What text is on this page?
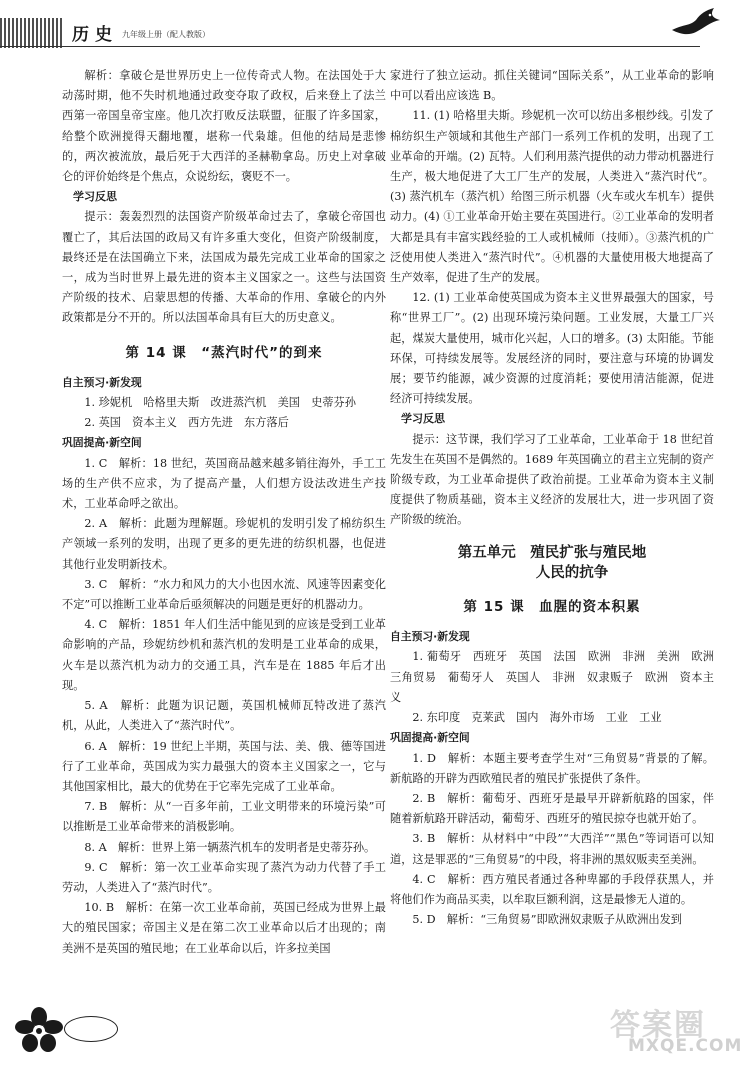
历史 九年级上册（配人教版）

解析：拿破仑是世界历史上一位传奇式人物。在法国处于大动荡时期，他不失时机地通过政变夺取了政权，后来登上了法兰西第一帝国皇帝宝座。他几次打败反法联盟，征服了许多国家，给整个欧洲搅得天翻地覆，堪称一代枭雄。但他的结局是悲惨的，两次被流放，最后死于大西洋的圣赫勒拿岛。历史上对拿破仑的评价始终是个焦点，众说纷纭，褒贬不一。

学习反思

提示：轰轰烈烈的法国资产阶级革命过去了，拿破仑帝国也覆亡了，其后法国的政局又有许多重大变化，但资产阶级制度，最终还是在法国确立下来，法国成为最先完成工业革命的国家之一，成为当时世界上最先进的资本主义国家之一。这些与法国资产阶级的技术、启蒙思想的传播、大革命的作用、拿破仑的内外政策都是分不开的。所以法国革命具有巨大的历史意义。

第 14 课　“蒸汽时代”的到来

自主预习·新发现

1. 珍妮机　哈格里夫斯　改进蒸汽机　美国　史蒂芬孙

2. 英国　资本主义　西方先进　东方落后

巩固提高·新空间

1. C　解析：18 世纪，英国商品越来越多销往海外，手工工场的生产供不应求，为了提高产量，人们想方设法改进生产技术，工业革命呼之欲出。

2. A　解析：此题为理解题。珍妮机的发明引发了棉纺织生产领域一系列的发明，出现了更多的更先进的纺织机器，也促进其他行业发明新技术。

3. C　解析：“水力和风力的大小也因水流、风速等因素变化不定”可以推断工业革命后亟须解决的问题是更好的机器动力。

4. C　解析：1851 年人们生活中能见到的应该是受到工业革命影响的产品，珍妮纺纱机和蒸汽机的发明是工业革命的成果，火车是以蒸汽机为动力的交通工具，汽车是在 1885 年后才出现。

5. A　解析：此题为识记题，英国机械师瓦特改进了蒸汽机，从此，人类进入了“蒸汽时代”。

6. A　解析：19 世纪上半期，英国与法、美、俄、德等国进行了工业革命，英国成为实力最强大的资本主义国家之一，它与其他国家相比，最大的优势在于它率先完成了工业革命。

7. B　解析：从“一百多年前，工业文明带来的环境污染”可以推断是工业革命带来的消极影响。

8. A　解析：世界上第一辆蒸汽机车的发明者是史蒂芬孙。

9. C　解析：第一次工业革命实现了蒸汽为动力代替了手工劳动，人类进入了“蒸汽时代”。

10. B　解析：在第一次工业革命前，英国已经成为世界上最大的殖民国家；帝国主义是在第二次工业革命以后才出现的；南美洲不是英国的殖民地；在工业革命以后，许多拉美国

家进行了独立运动。抓住关键词“国际关系”，从工业革命的影响中可以看出应该选 B。

11. (1) 哈格里夫斯。珍妮机一次可以纺出多根纱线。引发了棉纺织生产领域和其他生产部门一系列工作机的发明，出现了工业革命的开端。(2) 瓦特。人们利用蒸汽提供的动力带动机器进行生产，极大地促进了大工厂生产的发展，人类进入“蒸汽时代”。(3) 蒸汽机车（蒸汽机）给图三所示机器（火车或火车机车）提供动力。(4) ①工业革命开始主要在英国进行。②工业革命的发明者大都是具有丰富实践经验的工人或机械师（技师）。③蒸汽机的广泛使用使人类进入“蒸汽时代”。④机器的大量使用极大地提高了生产效率，促进了生产的发展。

12. (1) 工业革命使英国成为资本主义世界最强大的国家，号称“世界工厂”。(2) 出现环境污染问题。工业发展，大量工厂兴起，煤炭大量使用，城市化兴起，人口的增多。(3) 太阳能。节能环保，可持续发展等。发展经济的同时，要注意与环境的协调发展；要节约能源，减少资源的过度消耗；要使用清洁能源，促进经济可持续发展。

学习反思

提示：这节课，我们学习了工业革命，工业革命于 18 世纪首先发生在英国不是偶然的。1689 年英国确立的君主立宪制的资产阶级专政，为工业革命提供了政治前提。工业革命为资本主义制度提供了物质基础，资本主义经济的发展壮大，进一步巩固了资产阶级的统治。

第五单元　殖民扩张与殖民地
人民的抗争
第 15 课　血腥的资本积累

自主预习·新发现

1. 葡萄牙　西班牙　英国　法国　欧洲　非洲　美洲　欧洲　三角贸易　葡萄牙人　英国人　非洲　奴隶贩子　欧洲　资本主义

2. 东印度　克莱武　国内　海外市场　工业　工业

巩固提高·新空间

1. D　解析：本题主要考查学生对“三角贸易”背景的了解。新航路的开辟为西欧殖民者的殖民扩张提供了条件。

2. B　解析：葡萄牙、西班牙是最早开辟新航路的国家，伴随着新航路开辟活动，葡萄牙、西班牙的殖民掠夺也就开始了。

3. B　解析：从材料中“中段”“大西洋”“黑色”等词语可以知道，这是罪恶的“三角贸易”的中段，将非洲的黑奴贩卖至美洲。

4. C　解析：西方殖民者通过各种卑鄙的手段俘获黑人，并将他们作为商品买卖，以牟取巨额利润，这是最惨无人道的。

5. D　解析：“三角贸易”即欧洲奴隶贩子从欧洲出发到

答案圈
MXQE.COM
